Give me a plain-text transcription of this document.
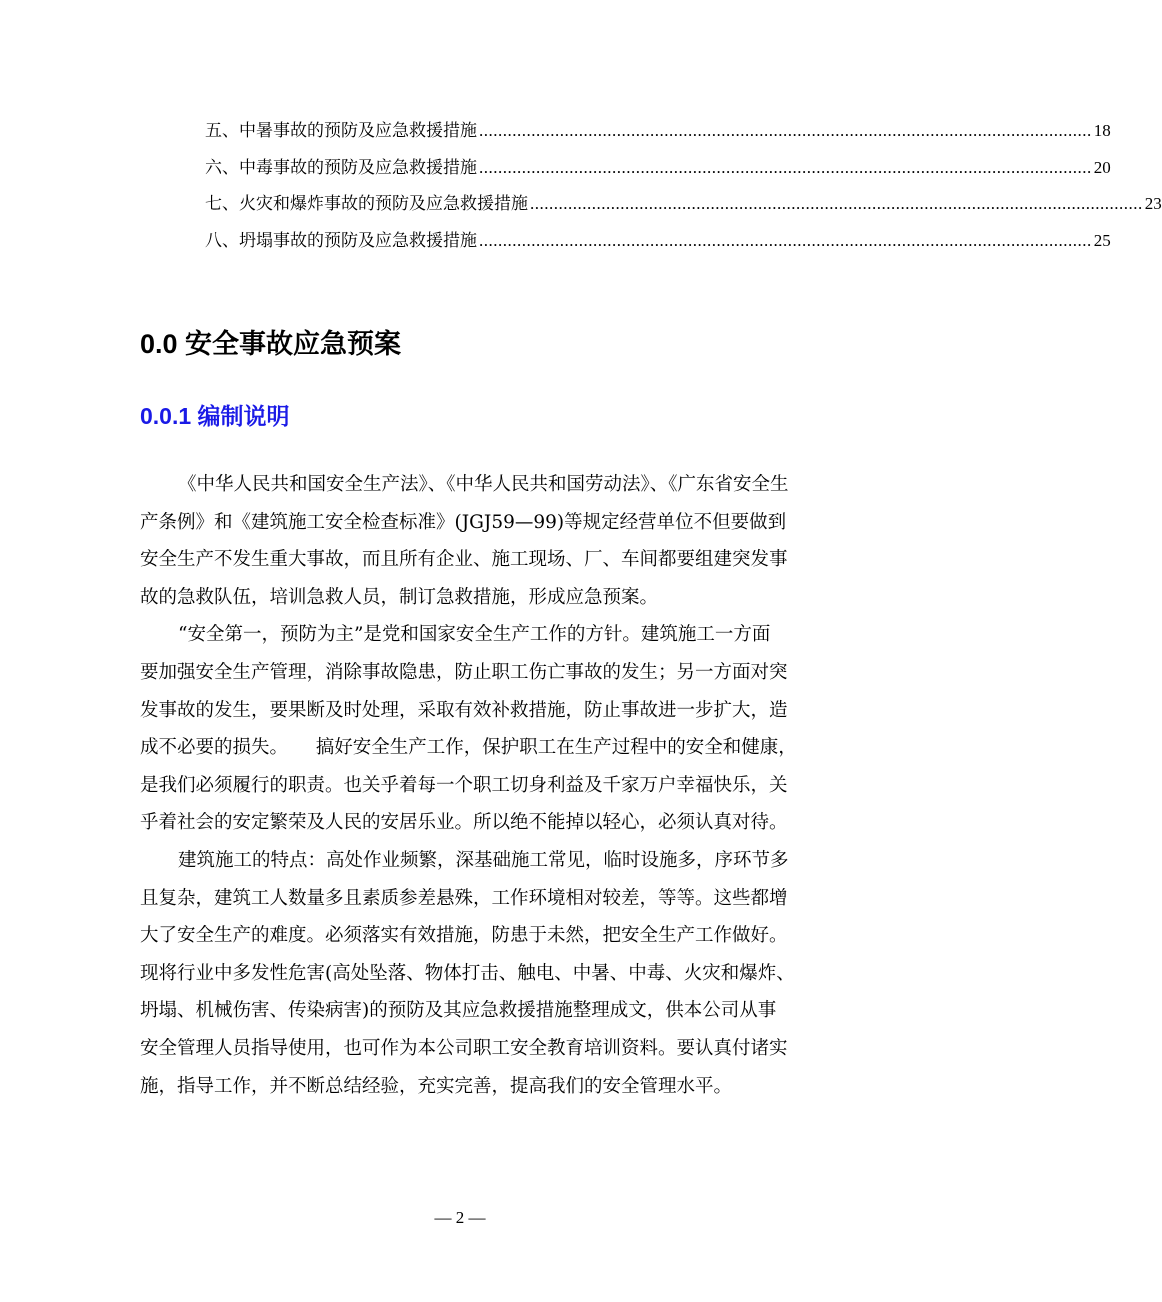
五、中暑事故的预防及应急救援措施 ................................................................................................................................. 18
六、中毒事故的预防及应急救援措施 ................................................................................................................................. 20
七、火灾和爆炸事故的预防及应急救援措施 ................................................................................................................................. 23
八、坍塌事故的预防及应急救援措施 ................................................................................................................................. 25
0.0 安全事故应急预案
0.0.1 编制说明
《中华人民共和国安全生产法》、《中华人民共和国劳动法》、《广东省安全生
产条例》和《建筑施工安全检查标准》(JGJ59—99)等规定经营单位不但要做到
安全生产不发生重大事故，而且所有企业、施工现场、厂、车间都要组建突发事
故的急救队伍，培训急救人员，制订急救措施，形成应急预案。
“安全第一，预防为主”是党和国家安全生产工作的方针。建筑施工一方面
要加强安全生产管理，消除事故隐患，防止职工伤亡事故的发生；另一方面对突
发事故的发生，要果断及时处理，采取有效补救措施，防止事故进一步扩大，造
成不必要的损失。　　搞好安全生产工作，保护职工在生产过程中的安全和健康，
是我们必须履行的职责。也关乎着每一个职工切身利益及千家万户幸福快乐，关
乎着社会的安定繁荣及人民的安居乐业。所以绝不能掉以轻心，必须认真对待。
建筑施工的特点：高处作业频繁，深基础施工常见，临时设施多，序环节多
且复杂，建筑工人数量多且素质参差悬殊，工作环境相对较差，等等。这些都增
大了安全生产的难度。必须落实有效措施，防患于未然，把安全生产工作做好。
现将行业中多发性危害(高处坠落、物体打击、触电、中暑、中毒、火灾和爆炸、
坍塌、机械伤害、传染病害)的预防及其应急救援措施整理成文，供本公司从事
安全管理人员指导使用，也可作为本公司职工安全教育培训资料。要认真付诸实
施，指导工作，并不断总结经验，充实完善，提高我们的安全管理水平。
— 2 —
